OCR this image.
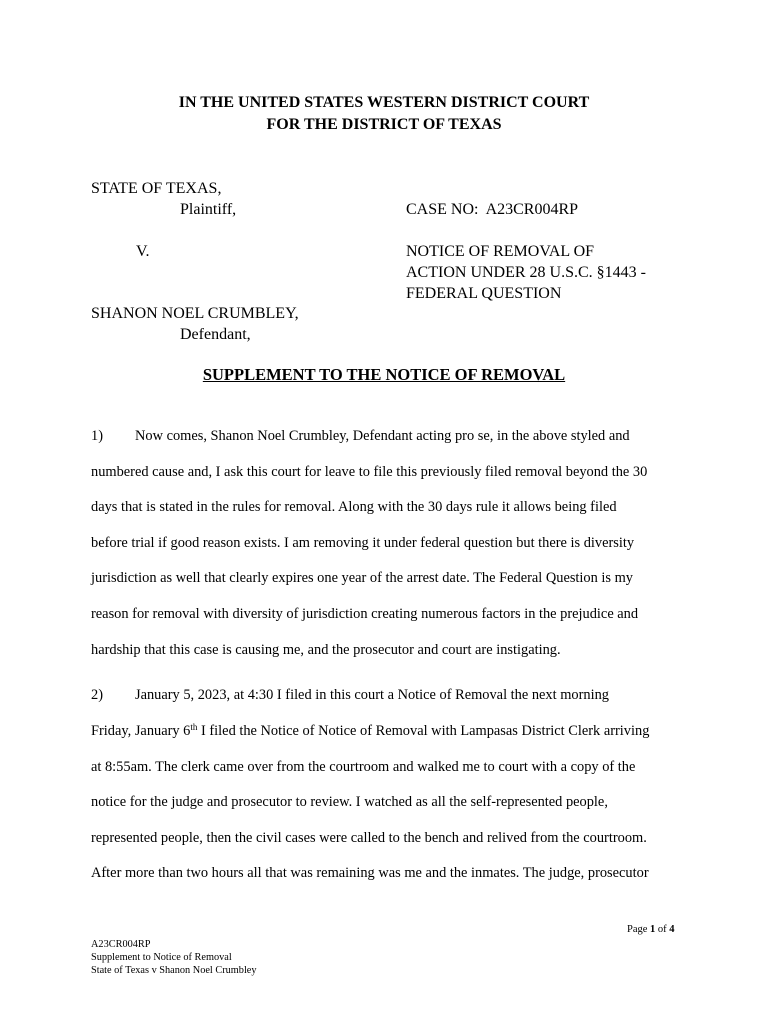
IN THE UNITED STATES WESTERN DISTRICT COURT
FOR THE DISTRICT OF TEXAS
STATE OF TEXAS,
Plaintiff,
V.
SHANON NOEL CRUMBLEY,
Defendant,
CASE NO: A23CR004RP
NOTICE OF REMOVAL OF
ACTION UNDER 28 U.S.C. §1443 -
FEDERAL QUESTION
SUPPLEMENT TO THE NOTICE OF REMOVAL
1) Now comes, Shanon Noel Crumbley, Defendant acting pro se, in the above styled and
numbered cause and, I ask this court for leave to file this previously filed removal beyond the 30
days that is stated in the rules for removal. Along with the 30 days rule it allows being filed
before trial if good reason exists. I am removing it under federal question but there is diversity
jurisdiction as well that clearly expires one year of the arrest date. The Federal Question is my
reason for removal with diversity of jurisdiction creating numerous factors in the prejudice and
hardship that this case is causing me, and the prosecutor and court are instigating.
2) January 5, 2023, at 4:30 I filed in this court a Notice of Removal the next morning
Friday, January 6th I filed the Notice of Notice of Removal with Lampasas District Clerk arriving
at 8:55am. The clerk came over from the courtroom and walked me to court with a copy of the
notice for the judge and prosecutor to review. I watched as all the self-represented people,
represented people, then the civil cases were called to the bench and relived from the courtroom.
After more than two hours all that was remaining was me and the inmates. The judge, prosecutor
Page 1 of 4
A23CR004RP
Supplement to Notice of Removal
State of Texas v Shanon Noel Crumbley
